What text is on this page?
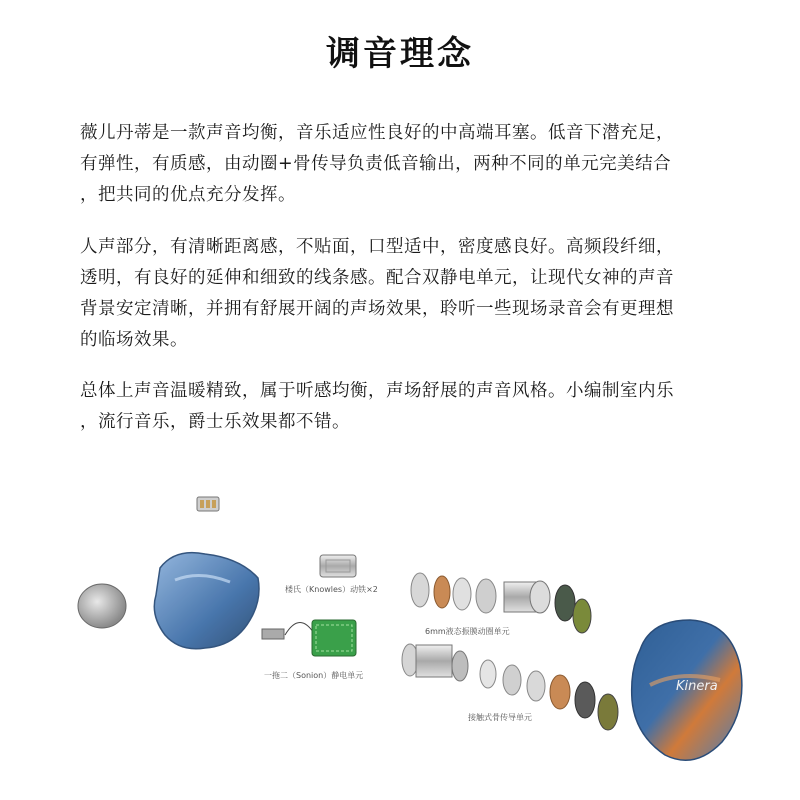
调音理念

薇儿丹蒂是一款声音均衡，音乐适应性良好的中高端耳塞。低音下潜充足，
有弹性，有质感，由动圈+骨传导负责低音输出，两种不同的单元完美结合
，把共同的优点充分发挥。

人声部分，有清晰距离感，不贴面，口型适中，密度感良好。高频段纤细，
透明，有良好的延伸和细致的线条感。配合双静电单元，让现代女神的声音
背景安定清晰，并拥有舒展开阔的声场效果，聆听一些现场录音会有更理想
的临场效果。

总体上声音温暖精致，属于听感均衡，声场舒展的声音风格。小编制室内乐
，流行音乐，爵士乐效果都不错。

Kinera
楼氏（Knowles）动铁×2
一拖二（Sonion）静电单元
6mm液态振膜动圈单元
接触式骨传导单元
